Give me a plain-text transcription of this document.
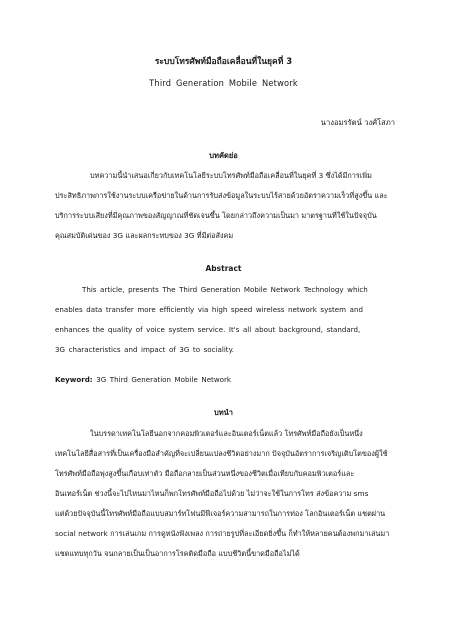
ระบบโทรศัพท์มือถือเคลื่อนที่ในยุคที่ 3
Third Generation Mobile Network
นางอมรรัตน์ วงศ์โสภา
บทคัดย่อ
บทความนี้นำเสนอเกี่ยวกับเทคโนโลยีระบบโทรศัพท์มือถือเคลื่อนที่ในยุคที่ 3 ซึ่งได้มีการเพิ่ม
ประสิทธิภาพการใช้งานระบบเครือข่ายในด้านการรับส่งข้อมูลในระบบไร้สายด้วยอัตราความเร็วที่สูงขึ้น และ
บริการระบบเสียงที่มีคุณภาพของสัญญาณที่ชัดเจนขึ้น โดยกล่าวถึงความเป็นมา มาตรฐานที่ใช้ในปัจจุบัน
คุณสมบัติเด่นของ 3G และผลกระทบของ 3G ที่มีต่อสังคม
Abstract
This article, presents The Third Generation Mobile Network Technology which
enables data transfer more efficiently via high speed wireless network system and
enhances the quality of voice system service. It's all about background, standard,
3G characteristics and impact of 3G to sociality.
Keyword: 3G Third Generation Mobile Network
บทนำ
ในบรรดาเทคโนโลยีนอกจากคอมพิวเตอร์และอินเตอร์เน็ตแล้ว โทรศัพท์มือถือยังเป็นหนึ่ง
เทคโนโลยีสื่อสารที่เป็นเครื่องมือสำคัญที่จะเปลี่ยนแปลงชีวิตอย่างมาก ปัจจุบันอัตราการเจริญเติบโตของผู้ใช้
โทรศัพท์มือถือพุ่งสูงขึ้นเกือบเท่าตัว มือถือกลายเป็นส่วนหนึ่งของชีวิตเมื่อเทียบกับคอมพิวเตอร์และ
อินเทอร์เน็ต ช่วงนี้จะไปไหนมาไหนก็พกโทรศัพท์มือถือไปด้วย ไม่ว่าจะใช้ในการโทร ส่งข้อความ sms
แต่ด้วยปัจจุบันนี้โทรศัพท์มือถือแบบสมาร์ทโฟนมีฟีเจอร์ความสามารถในการท่อง โลกอินเตอร์เน็ต แชตผ่าน
social network การเล่นเกม การดูหนังฟังเพลง การถ่ายรูปที่ละเอียดยิ่งขึ้น ก็ทำให้หลายคนต้องพกมาเล่นมา
แชตแทบทุกวัน จนกลายเป็นเป็นอาการโรคติดมือถือ แบบชีวิตนี้ขาดมือถือไม่ได้
